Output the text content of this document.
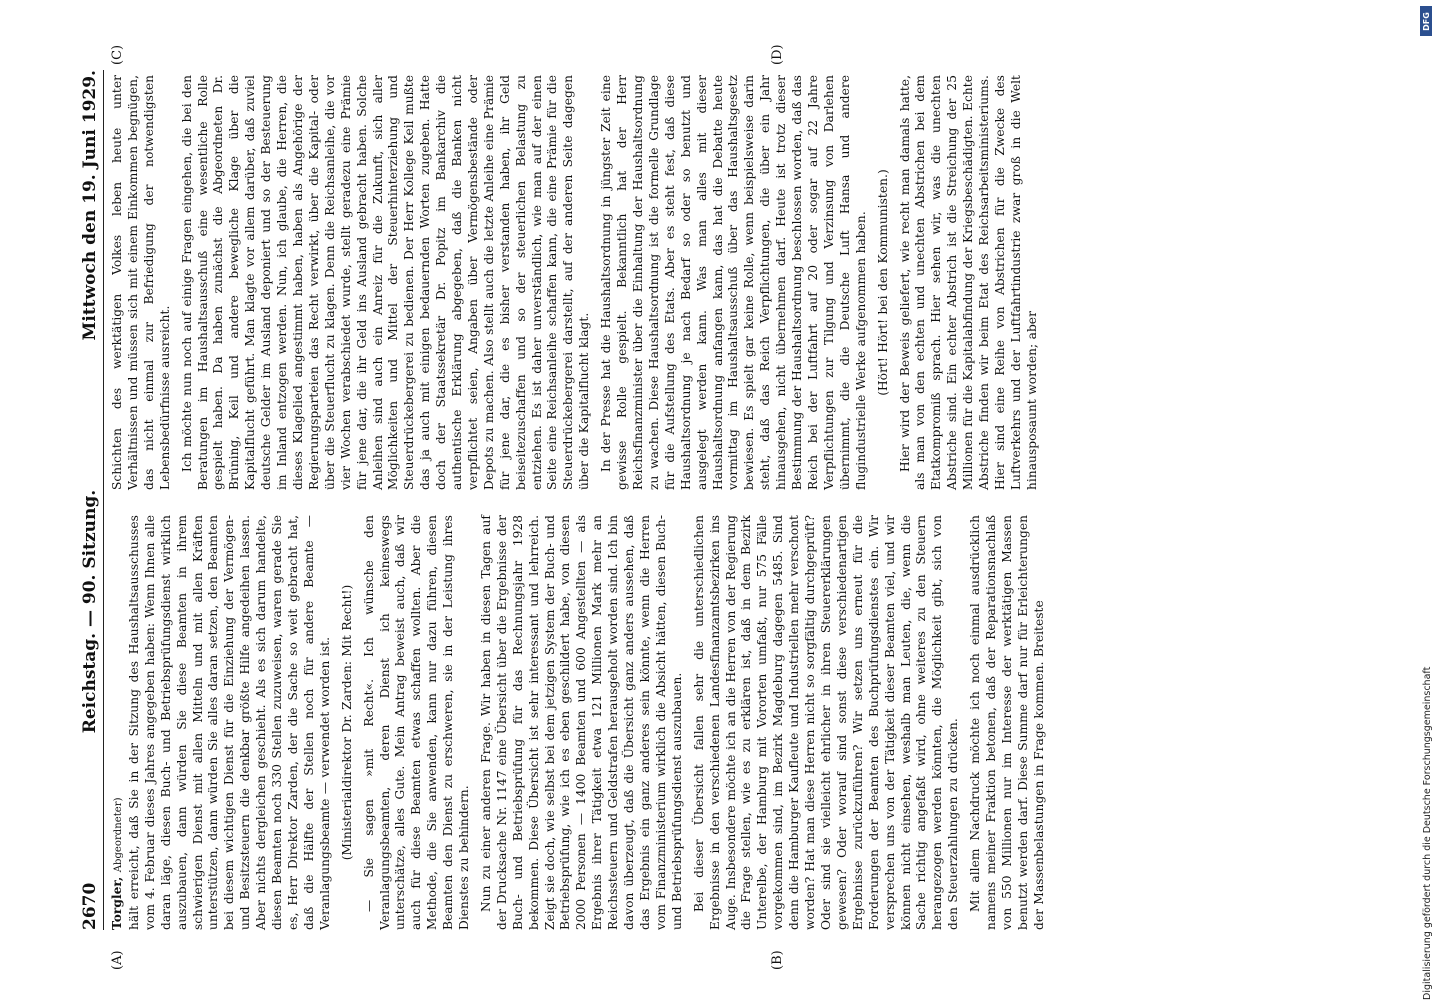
2670
Reichstag. — 90. Sitzung.
Mittwoch den 19. Juni 1929.

Torgler, Abgeordneter) hält erreicht, daß Sie in der Sitzung des Haushaltsausschusses vom 4. Februar dieses Jahres angegeben haben: Wenn Ihnen alle daran läge, diesen Buch- und Betriebsprüfungsdienst wirklich auszubauen, dann würden Sie diese Beamten in ihrem schwierigen Dienst mit allen Mitteln und mit allen Kräften unterstützen, dann würden Sie alles daran setzen, den Beamten bei diesem wichtigen Dienst für die Einziehung der Vermögen- und Besitzsteuern die denkbar größte Hilfe angedeihen lassen. Aber nichts dergleichen geschieht. Als es sich darum handelte, diesen Beamten noch 330 Stellen zuzuweisen, waren gerade Sie es, Herr Direktor Zarden, der die Sache so weit gebracht hat, daß die Hälfte der Stellen noch für andere Beamte — Veranlagungsbeamte — verwendet worden ist. (Ministerialdirektor Dr. Zarden: Mit Recht!) — Sie sagen »mit Recht«. Ich wünsche den Veranlagungsbeamten, deren Dienst ich keineswegs unterschätze, alles Gute. Mein Antrag beweist auch, daß wir auch für diese Beamten etwas schaffen wollten. Aber die Methode, die Sie anwenden, kann nur dazu führen, diesen Beamten den Dienst zu erschweren, sie in der Leistung ihres Dienstes zu behindern. Nun zu einer anderen Frage. Wir haben in diesen Tagen auf der Drucksache Nr. 1147 eine Übersicht über die Ergebnisse der Buch- und Betriebsprüfung für das Rechnungsjahr 1928 bekommen. Diese Übersicht ist sehr interessant und lehrreich. Zeigt sie doch, wie selbst bei dem jetzigen System der Buch- und Betriebsprüfung, wie ich es eben geschildert habe, von diesen 2000 Personen — 1400 Beamten und 600 Angestellten — als Ergebnis ihrer Tätigkeit etwa 121 Millionen Mark mehr an Reichssteuern und Geldstrafen herausgeholt worden sind. Ich bin davon überzeugt, daß die Übersicht ganz anders aussehen, daß das Ergebnis ein ganz anderes sein könnte, wenn die Herren vom Finanzministerium wirklich die Absicht hätten, diesen Buch- und Betriebsprüfungsdienst auszubauen. Bei dieser Übersicht fallen sehr die unterschiedlichen Ergebnisse in den verschiedenen Landesfinanzamtsbezirken ins Auge. Insbesondere möchte ich an die Herren von der Regierung die Frage stellen, wie es zu erklären ist, daß in dem Bezirk Unterelbe, der Hamburg mit Vororten umfaßt, nur 575 Fälle vorgekommen sind, im Bezirk Magdeburg dagegen 5485. Sind denn die Hamburger Kaufleute und Industriellen mehr verschont worden? Hat man diese Herren nicht so sorgfältig durchgeprüft? Oder sind sie vielleicht ehrlicher in ihren Steuererklärungen gewesen? Oder worauf sind sonst diese verschiedenartigen Ergebnisse zurückzuführen? Wir setzen uns erneut für die Forderungen der Beamten des Buchprüfungsdienstes ein. Wir versprechen uns von der Tätigkeit dieser Beamten viel, und wir können nicht einsehen, weshalb man Leuten, die, wenn die Sache richtig angefaßt wird, ohne weiteres zu den Steuern herangezogen werden könnten, die Möglichkeit gibt, sich von den Steuerzahlungen zu drücken. Mit allem Nachdruck möchte ich noch einmal ausdrücklich namens meiner Fraktion betonen, daß der Reparationsnachlaß von 550 Millionen nur im Interesse der werktätigen Massen benutzt werden darf. Diese Summe darf nur für Erleichterungen der Massenbelastungen in Frage kommen. Breiteste

Schichten des werktätigen Volkes leben heute unter Verhältnissen und müssen sich mit einem Einkommen begnügen, das nicht einmal zur Befriedigung der notwendigsten Lebensbedürfnisse ausreicht. Ich möchte nun noch auf einige Fragen eingehen, die bei den Beratungen im Haushaltsausschuß eine wesentliche Rolle gespielt haben. Da haben zunächst die Abgeordneten Dr. Brüning, Keil und andere bewegliche Klage über die Kapitalflucht geführt. Man klagte vor allem darüber, daß zuviel deutsche Gelder im Ausland deponiert und so der Besteuerung im Inland entzogen werden. Nun, ich glaube, die Herren, die dieses Klagelied angestimmt haben, haben als Angehörige der Regierungsparteien das Recht verwirkt, über die Kapital- oder über die Steuerflucht zu klagen. Denn die Reichsanleihe, die vor vier Wochen verabschiedet wurde, stellt geradezu eine Prämie für jene dar, die ihr Geld ins Ausland gebracht haben. Solche Anleihen sind auch ein Anreiz für die Zukunft, sich aller Möglichkeiten und Mittel der Steuerhinterziehung und Steuerdrückebergerei zu bedienen. Der Herr Kollege Keil mußte das ja auch mit einigen bedauernden Worten zugeben. Hatte doch der Staatssekretär Dr. Popitz im Bankarchiv die authentische Erklärung abgegeben, daß die Banken nicht verpflichtet seien, Angaben über Vermögensbestände oder Depots zu machen. Also stellt auch die letzte Anleihe eine Prämie für jene dar, die es bisher verstanden haben, ihr Geld beiseitezuschaffen und so der steuerlichen Belastung zu entziehen. Es ist daher unverständlich, wie man auf der einen Seite eine Reichsanleihe schaffen kann, die eine Prämie für die Steuerdrückebergerei darstellt, auf der anderen Seite dagegen über die Kapitalflucht klagt. In der Presse hat die Haushaltsordnung in jüngster Zeit eine gewisse Rolle gespielt. Bekanntlich hat der Herr Reichsfinanzminister über die Einhaltung der Haushaltsordnung zu wachen. Diese Haushaltsordnung ist die formelle Grundlage für die Aufstellung des Etats. Aber es steht fest, daß diese Haushaltsordnung je nach Bedarf so oder so benutzt und ausgelegt werden kann. Was man alles mit dieser Haushaltsordnung anfangen kann, das hat die Debatte heute vormittag im Haushaltsausschuß über das Haushaltsgesetz bewiesen. Es spielt gar keine Rolle, wenn beispielsweise darin steht, daß das Reich Verpflichtungen, die über ein Jahr hinausgehen, nicht übernehmen darf. Heute ist trotz dieser Bestimmung der Haushaltsordnung beschlossen worden, daß das Reich bei der Luftfahrt auf 20 oder sogar auf 22 Jahre Verpflichtungen zur Tilgung und Verzinsung von Darlehen übernimmt, die die Deutsche Luft Hansa und andere flugindustrielle Werke aufgenommen haben. (Hört! Hört! bei den Kommunisten.) Hier wird der Beweis geliefert, wie recht man damals hatte, als man von den echten und unechten Abstrichen bei dem Etatkompromiß sprach. Hier sehen wir, was die unechten Abstriche sind. Ein echter Abstrich ist die Streichung der 25 Millionen für die Kapitalabfindung der Kriegsbeschädigten. Echte Abstriche finden wir beim Etat des Reichsarbeitsministeriums. Hier sind eine Reihe von Abstrichen für die Zwecke des Luftverkehrs und der Luftfahrtindustrie zwar groß in die Welt hinausposaunt worden; aber

(A)	(B)
(C)	(D)
DFG
Digitalisierung gefördert durch die Deutsche Forschungsgemeinschaft
